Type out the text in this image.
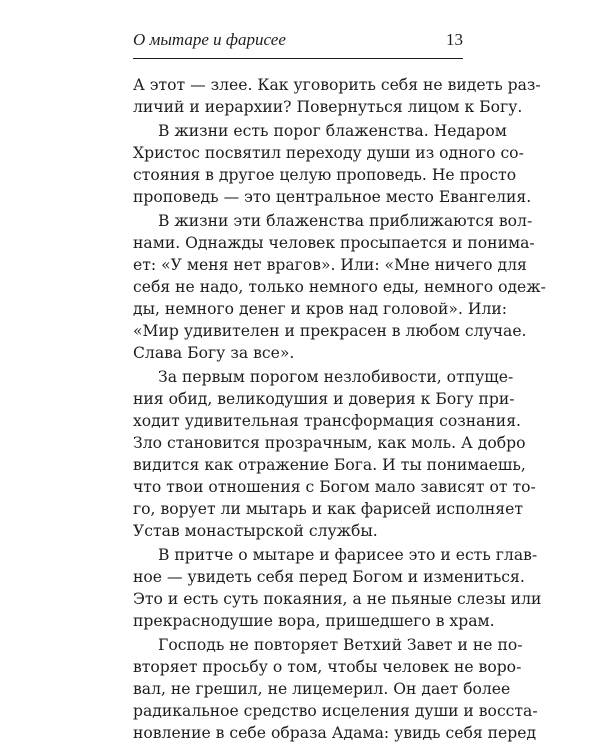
О мытаре и фарисее	13
А этот — злее. Как уговорить себя не видеть раз-
личий и иерархии? Повернуться лицом к Богу.
В жизни есть порог блаженства. Недаром
Христос посвятил переходу души из одного со-
стояния в другое целую проповедь. Не просто
проповедь — это центральное место Евангелия.
В жизни эти блаженства приближаются вол-
нами. Однажды человек просыпается и понима-
ет: «У меня нет врагов». Или: «Мне ничего для
себя не надо, только немного еды, немного одеж-
ды, немного денег и кров над головой». Или:
«Мир удивителен и прекрасен в любом случае.
Слава Богу за все».
За первым порогом незлобивости, отпуще-
ния обид, великодушия и доверия к Богу при-
ходит удивительная трансформация сознания.
Зло становится прозрачным, как моль. А добро
видится как отражение Бога. И ты понимаешь,
что твои отношения с Богом мало зависят от то-
го, ворует ли мытарь и как фарисей исполняет
Устав монастырской службы.
В притче о мытаре и фарисее это и есть глав-
ное — увидеть себя перед Богом и измениться.
Это и есть суть покаяния, а не пьяные слезы или
прекраснодушие вора, пришедшего в храм.
Господь не повторяет Ветхий Завет и не по-
вторяет просьбу о том, чтобы человек не воро-
вал, не грешил, не лицемерил. Он дает более
радикальное средство исцеления души и восста-
новление в себе образа Адама: увидь себя перед
